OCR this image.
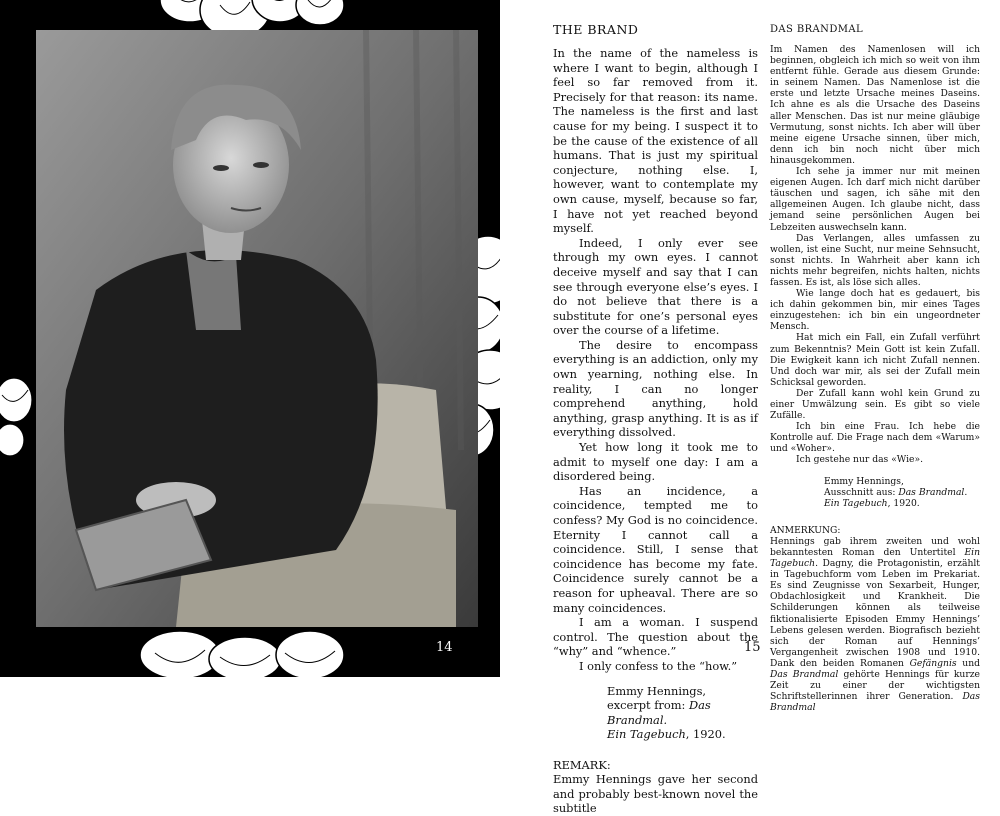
14
THE BRAND

In the name of the nameless is where I want to begin, although I feel so far removed from it. Precisely for that reason: its name. The nameless is the first and last cause for my being. I suspect it to be the cause of the existence of all humans. That is just my spiritual conjecture, nothing else. I, however, want to contemplate my own cause, myself, because so far, I have not yet reached beyond myself.

Indeed, I only ever see through my own eyes. I cannot deceive myself and say that I can see through everyone else’s eyes. I do not believe that there is a substitute for one’s personal eyes over the course of a lifetime.

The desire to encompass everything is an addiction, only my own yearning, nothing else. In reality, I can no longer comprehend anything, hold anything, grasp anything. It is as if everything dissolved.

Yet how long it took me to admit to myself one day: I am a disordered being.

Has an incidence, a coincidence, tempted me to confess? My God is no coincidence. Eternity I cannot call a coincidence. Still, I sense that coincidence has become my fate. Coincidence surely cannot be a reason for upheaval. There are so many coincidences.

I am a woman. I suspend control. The question about the “why” and “whence.”

I only confess to the “how.”

Emmy Hennings,

excerpt from: Das Brandmal.
Ein Tagebuch, 1920.

REMARK:

Emmy Hennings gave her second and probably best-known novel the subtitle

DAS BRANDMAL

Im Namen des Namenlosen will ich beginnen, obgleich ich mich so weit von ihm entfernt fühle. Gerade aus diesem Grunde: in seinem Namen. Das Namenlose ist die erste und letzte Ursache meines Daseins. Ich ahne es als die Ursache des Daseins aller Menschen. Das ist nur meine gläubige Vermutung, sonst nichts. Ich aber will über meine eigene Ursache sinnen, über mich, denn ich bin noch nicht über mich hinausgekommen.

Ich sehe ja immer nur mit meinen eigenen Augen. Ich darf mich nicht darüber täuschen und sagen, ich sähe mit den allgemeinen Augen. Ich glaube nicht, dass jemand seine persönlichen Augen bei Lebzeiten auswechseln kann.

Das Verlangen, alles umfassen zu wollen, ist eine Sucht, nur meine Sehnsucht, sonst nichts. In Wahrheit aber kann ich nichts mehr begreifen, nichts halten, nichts fassen. Es ist, als löse sich alles.

Wie lange doch hat es gedauert, bis ich dahin gekommen bin, mir eines Tages einzugestehen: ich bin ein ungeordneter Mensch.

Hat mich ein Fall, ein Zufall verführt zum Bekenntnis? Mein Gott ist kein Zufall. Die Ewigkeit kann ich nicht Zufall nennen. Und doch war mir, als sei der Zufall mein Schicksal geworden.

Der Zufall kann wohl kein Grund zu einer Umwälzung sein. Es gibt so viele Zufälle.

Ich bin eine Frau. Ich hebe die Kontrolle auf. Die Frage nach dem «Warum» und «Woher».

Ich gestehe nur das «Wie».

Emmy Hennings,

Ausschnitt aus: Das Brandmal.
Ein Tagebuch, 1920.

ANMERKUNG:

Hennings gab ihrem zweiten und wohl bekanntesten Roman den Untertitel Ein Tagebuch. Dagny, die Protagonistin, erzählt in Tagebuchform vom Leben im Prekariat. Es sind Zeugnisse von Sexarbeit, Hunger, Obdachlosigkeit und Krankheit. Die Schilderungen können als teilweise fiktionalisierte Episoden Emmy Hennings’ Lebens gelesen werden. Biografisch bezieht sich der Roman auf Hennings’ Vergangenheit zwischen 1908 und 1910. Dank den beiden Romanen Gefängnis und Das Brandmal gehörte Hennings für kurze Zeit zu einer der wichtigsten Schriftstellerinnen ihrer Generation. Das Brandmal

15
